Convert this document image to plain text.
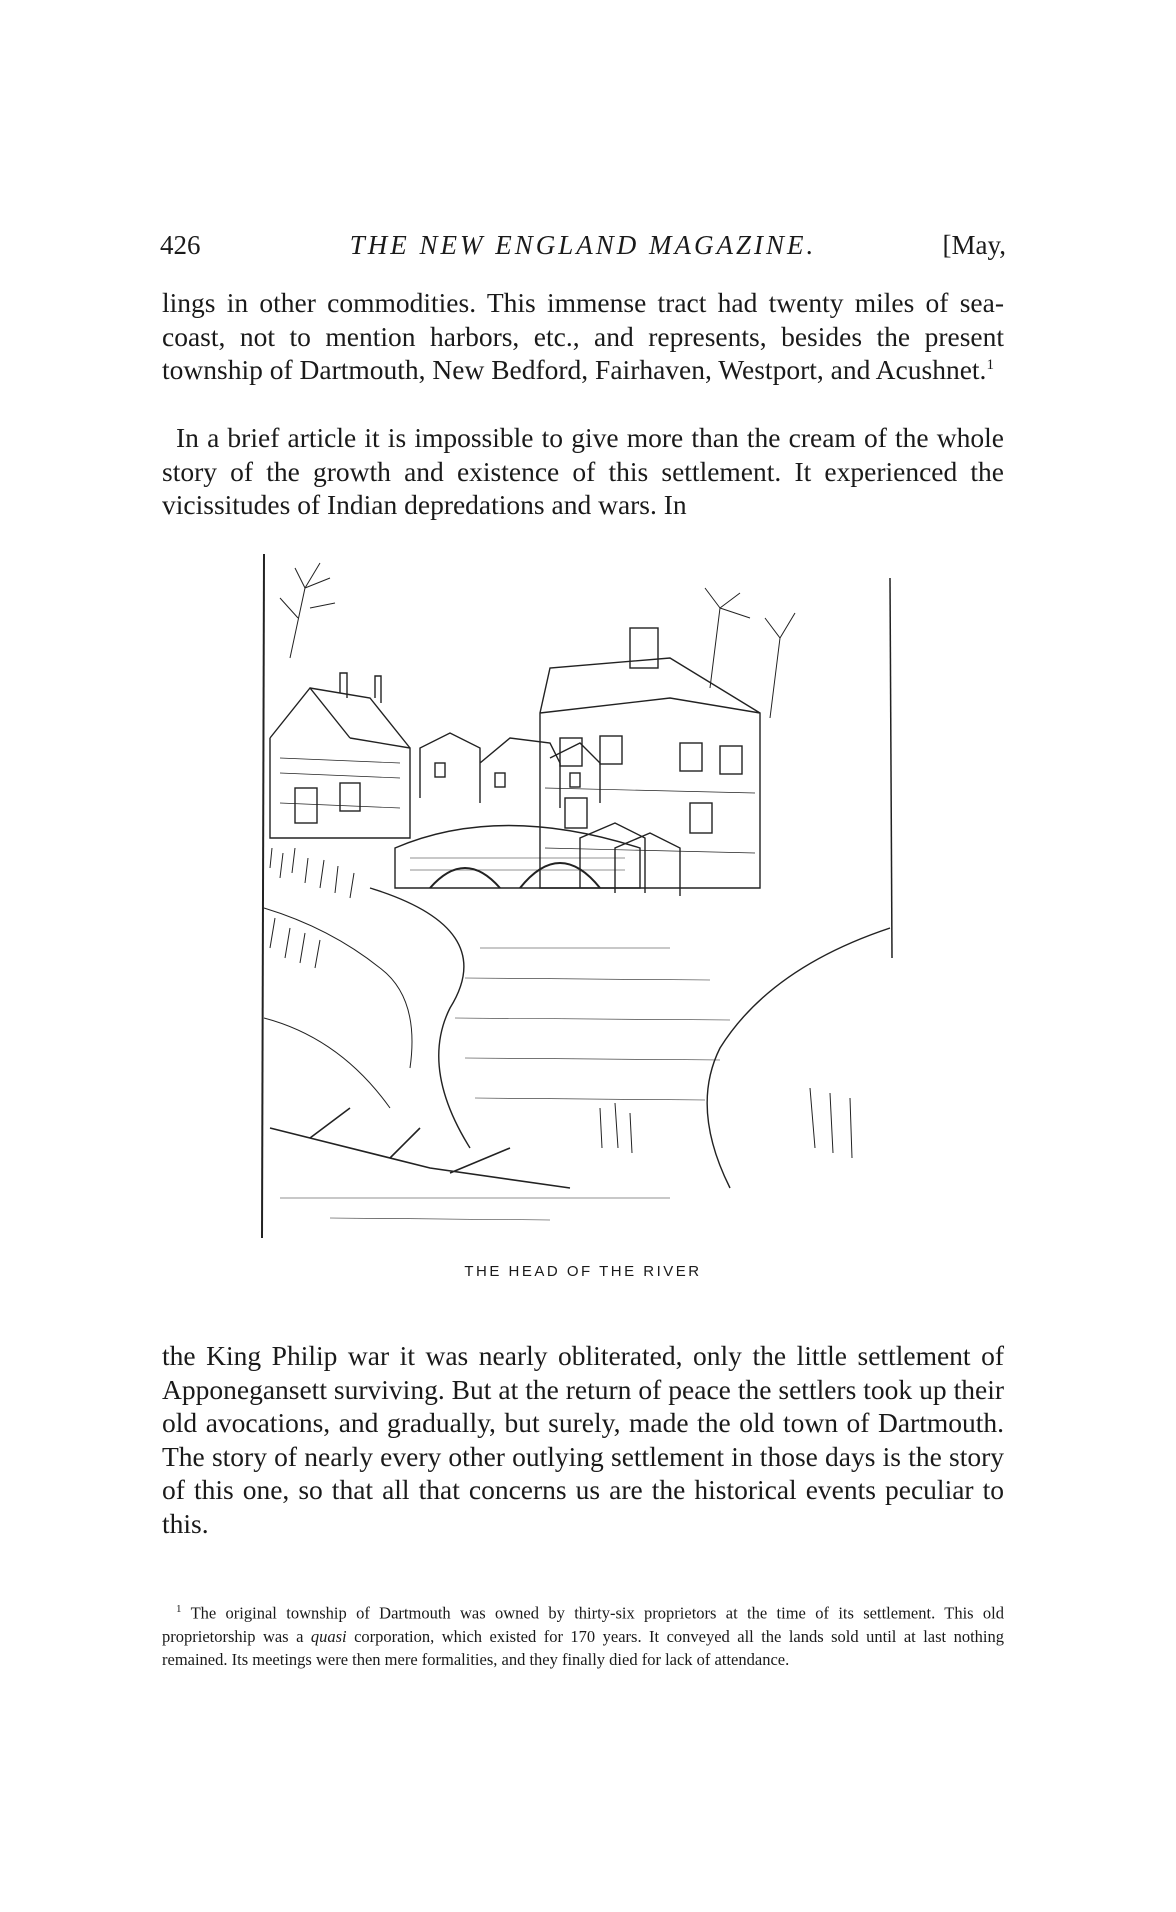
426	THE NEW ENGLAND MAGAZINE.	[May,

lings in other commodities. This immense tract had twenty miles of sea-coast, not to mention harbors, etc., and represents, besides the present township of Dartmouth, New Bedford, Fairhaven, Westport, and Acushnet.$^1$

In a brief article it is impossible to give more than the cream of the whole story of the growth and existence of this settlement. It experienced the vicissitudes of Indian depredations and wars. In

THE HEAD OF THE RIVER

the King Philip war it was nearly obliterated, only the little settlement of Apponegansett surviving. But at the return of peace the settlers took up their old avocations, and gradually, but surely, made the old town of Dartmouth. The story of nearly every other outlying settlement in those days is the story of this one, so that all that concerns us are the historical events peculiar to this.

$^1$ The original township of Dartmouth was owned by thirty-six proprietors at the time of its settlement. This old proprietorship was a quasi corporation, which existed for 170 years. It conveyed all the lands sold until at last nothing remained. Its meetings were then mere formalities, and they finally died for lack of attendance.
